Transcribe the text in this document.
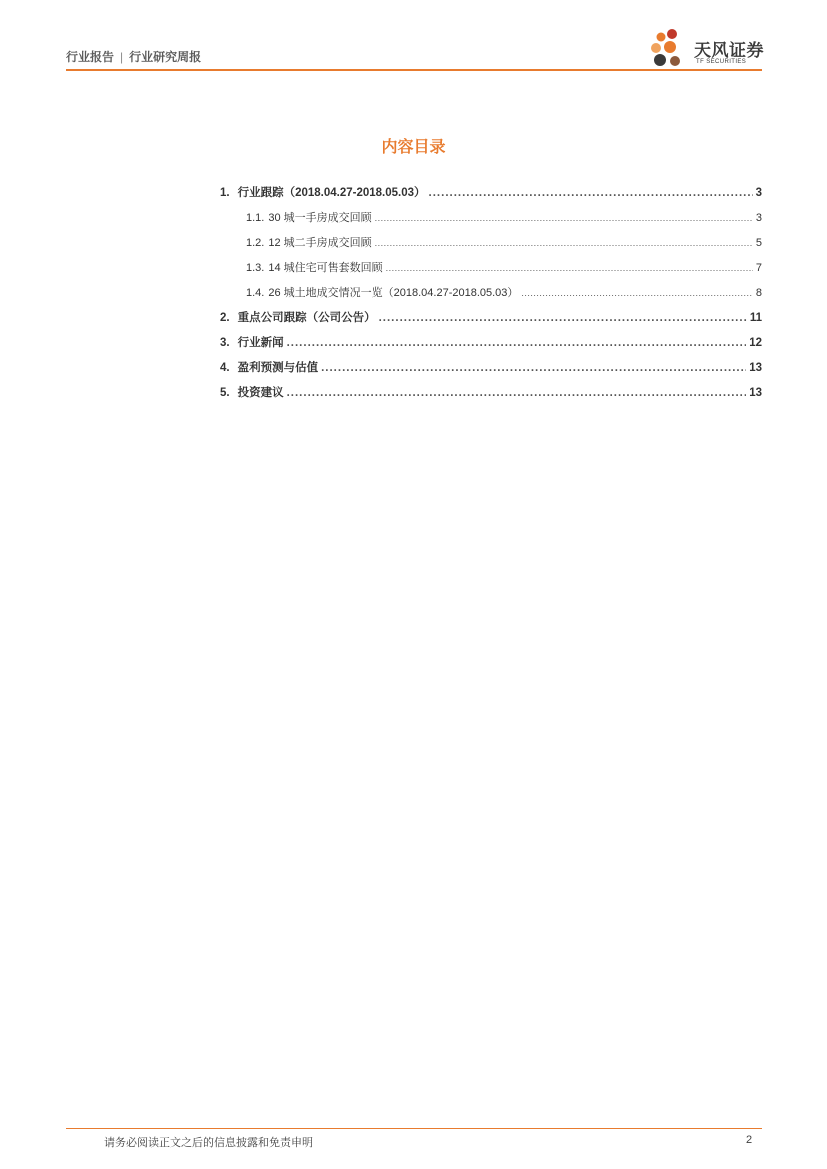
行业报告 | 行业研究周报	天风证券
TF SECURITIES
内容目录
1. 行业跟踪（2018.04.27-2018.05.03） .....	3
1.1. 30 城一手房成交回顾 .....	3
1.2. 12 城二手房成交回顾 .....	5
1.3. 14 城住宅可售套数回顾 .....	7
1.4. 26 城土地成交情况一览（2018.04.27-2018.05.03） .....	8
2. 重点公司跟踪（公司公告） .....	11
3. 行业新闻 .....	12
4. 盈利预测与估值 .....	13
5. 投资建议 .....	13
请务必阅读正文之后的信息披露和免责申明	2
